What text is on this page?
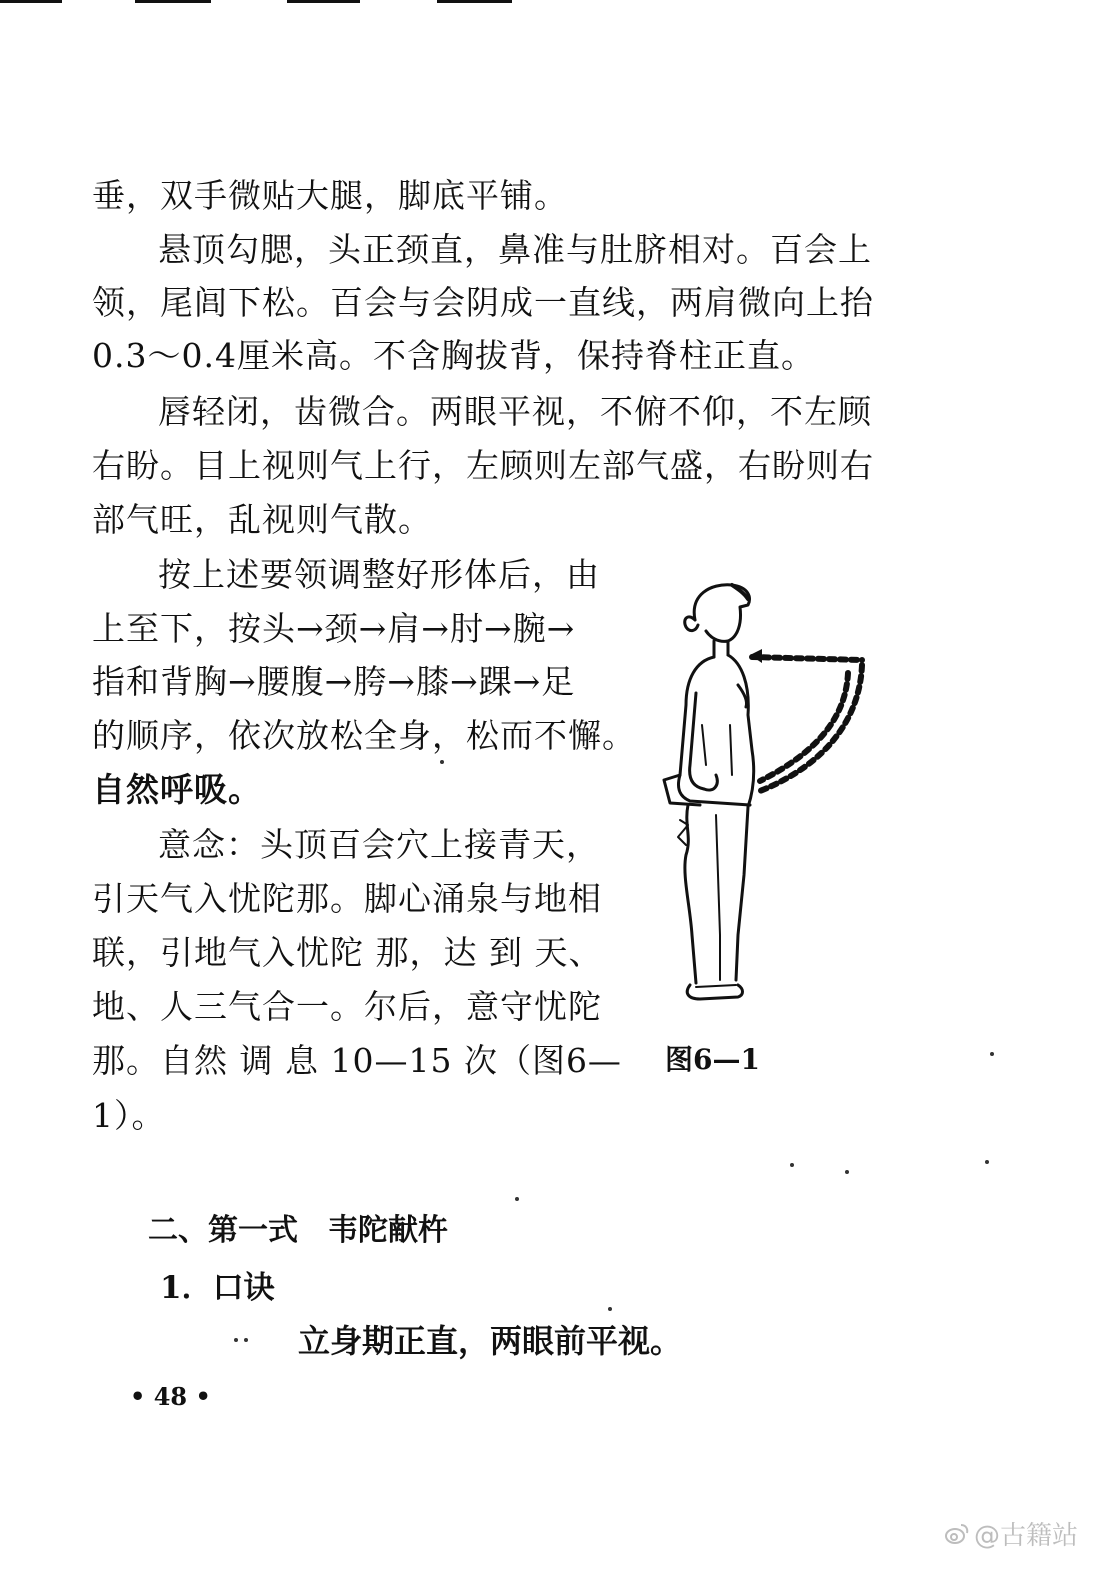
垂，双手微贴大腿，脚底平铺。
悬顶勾腮，头正颈直，鼻准与肚脐相对。百会上
领，尾闾下松。百会与会阴成一直线，两肩微向上抬
0.3～0.4厘米高。不含胸拔背，保持脊柱正直。
唇轻闭，齿微合。两眼平视，不俯不仰，不左顾
右盼。目上视则气上行，左顾则左部气盛，右盼则右
部气旺，乱视则气散。
按上述要领调整好形体后，由
上至下，按头→颈→肩→肘→腕→
指和背胸→腰腹→胯→膝→踝→足
的顺序，依次放松全身，松而不懈。
自然呼吸。
意念：头顶百会穴上接青天，
引天气入忧陀那。脚心涌泉与地相
联，引地气入忧陀 那，达 到 天、
地、人三气合一。尔后，意守忧陀
那。自然 调 息 10—15 次（图6—
1）。
图6—1
二、第一式　韦陀献杵
1．口诀
立身期正直，两眼前平视。
• 48 •
@古籍站
